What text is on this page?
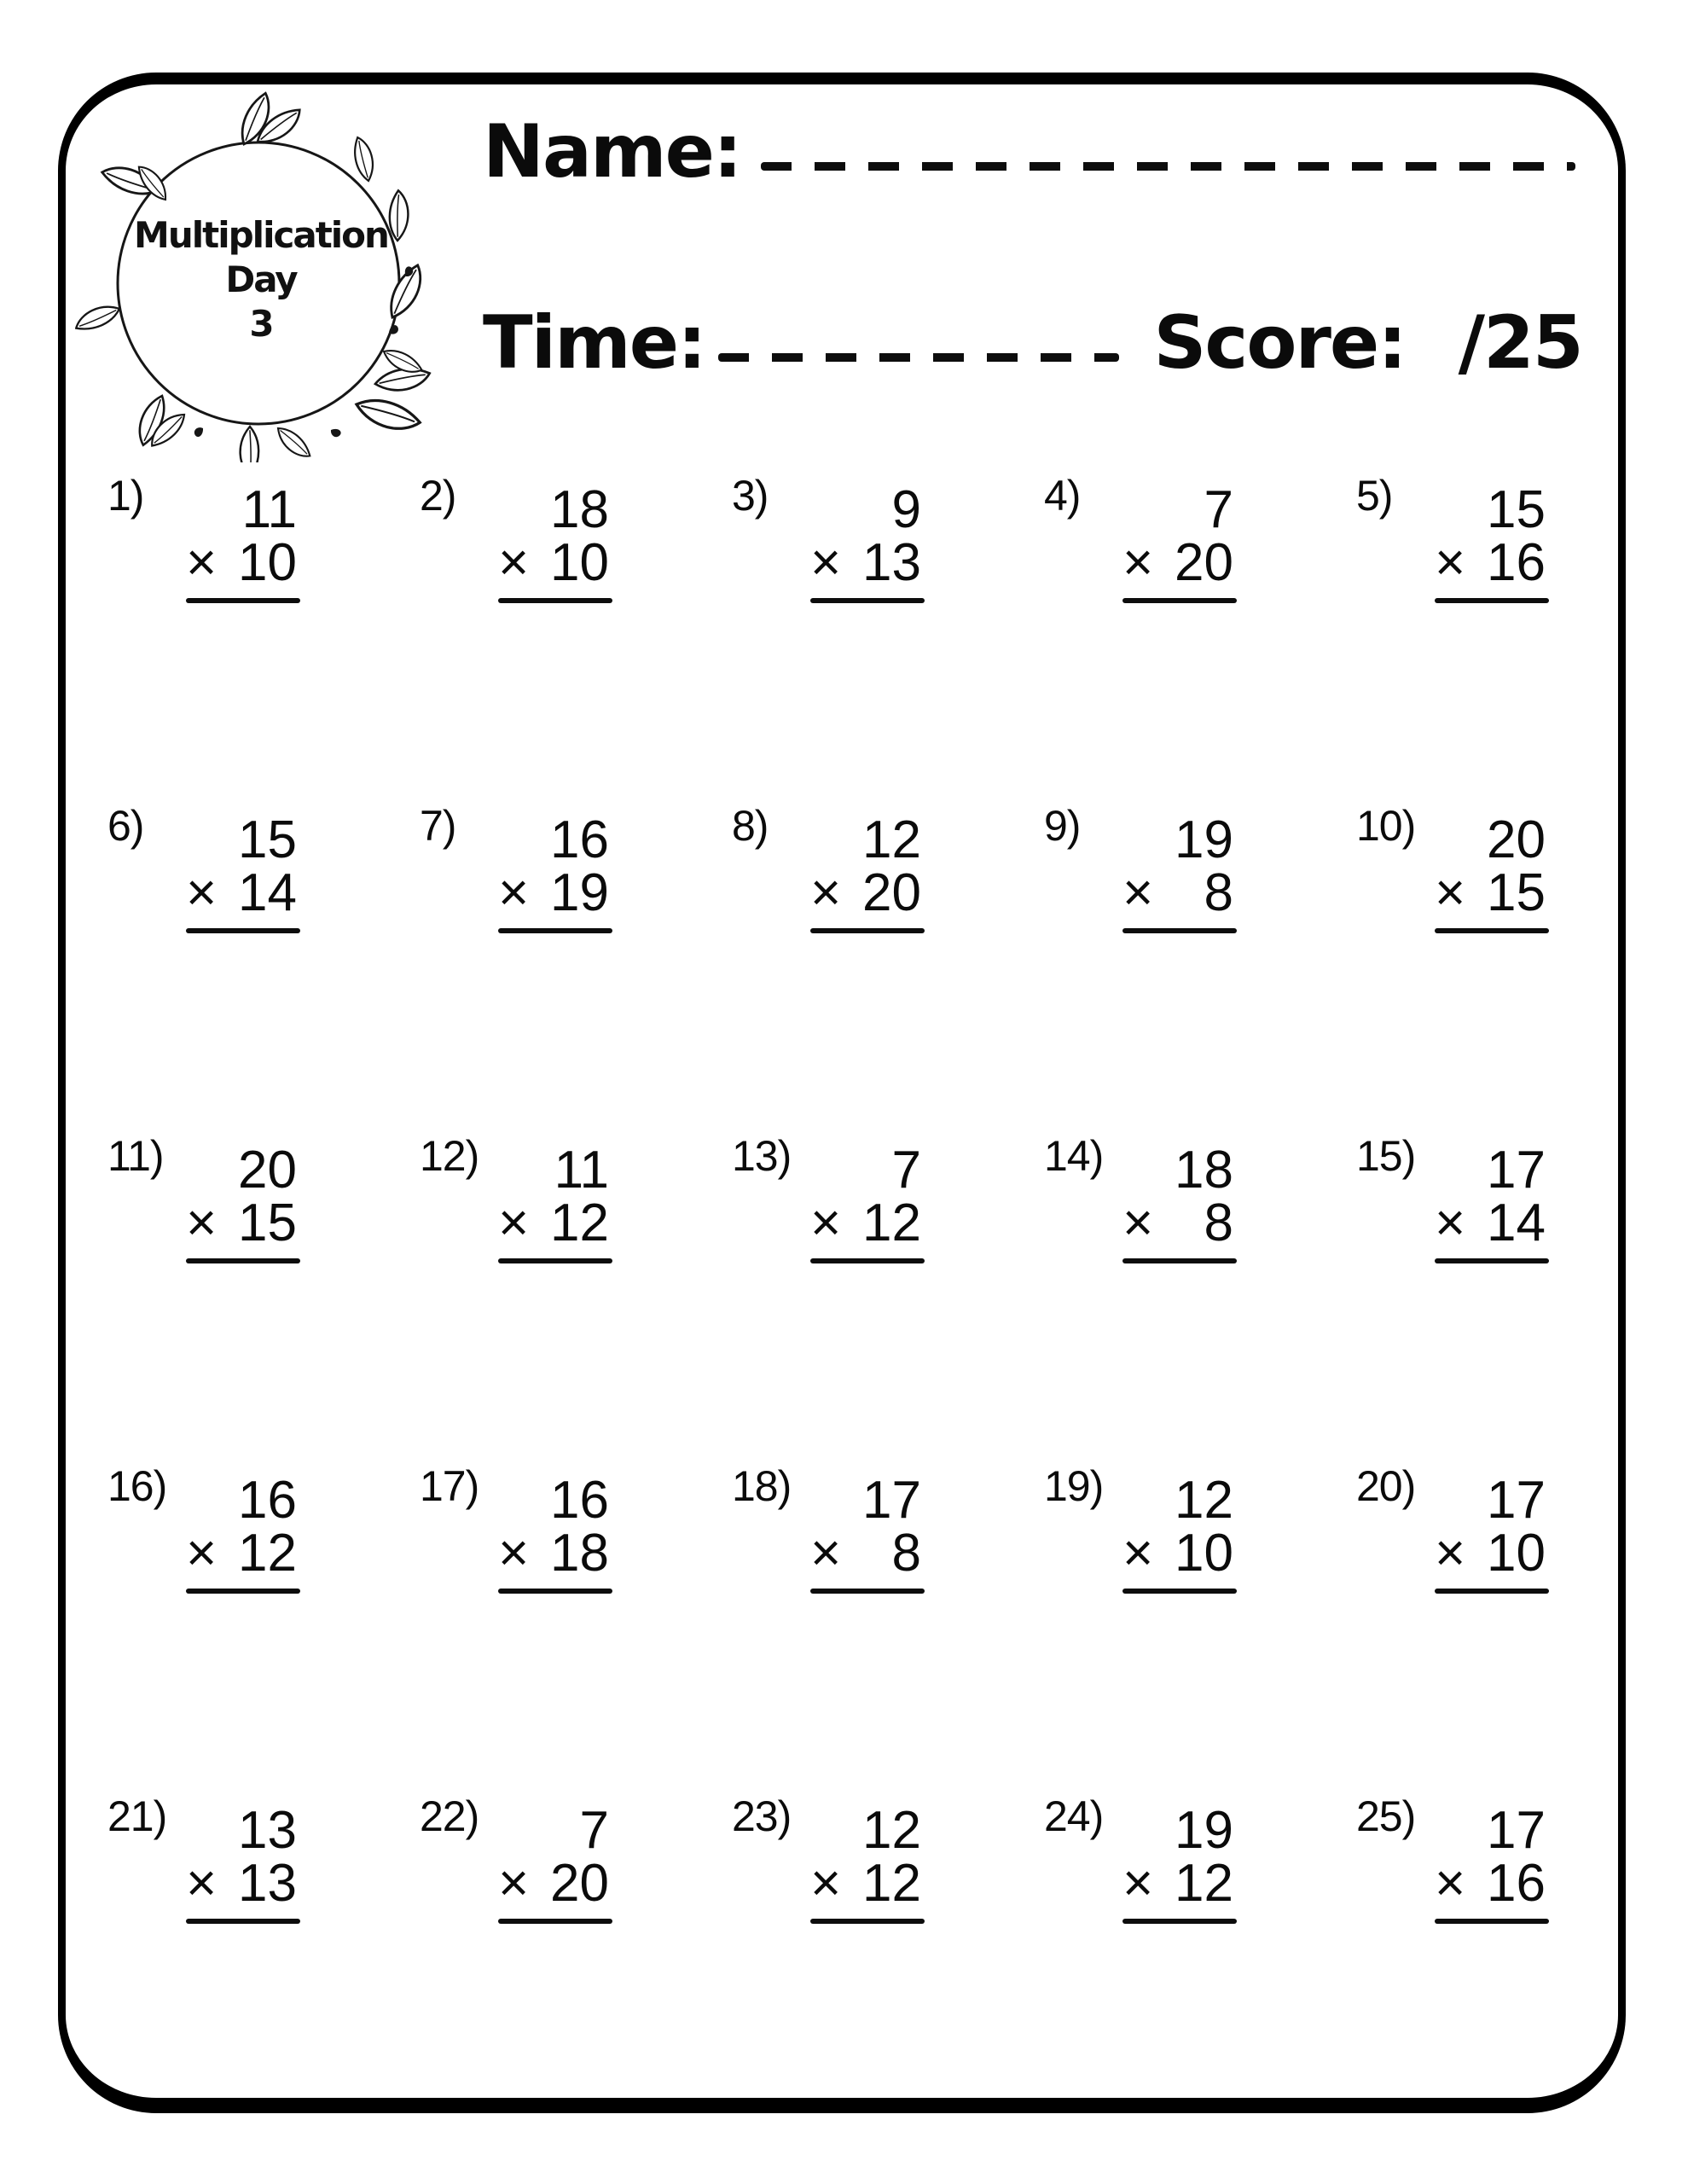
Multiplication
Day
3
Name:
Time:	Score: /25
1)	11
× 10
2)	18
× 10
3)	9
× 13
4)	7
× 20
5)	15
× 16
6)	15
× 14
7)	16
× 19
8)	12
× 20
9)	19
× 8
10)	20
× 15
11)	20
× 15
12)	11
× 12
13)	7
× 12
14)	18
× 8
15)	17
× 14
16)	16
× 12
17)	16
× 18
18)	17
× 8
19)	12
× 10
20)	17
× 10
21)	13
× 13
22)	7
× 20
23)	12
× 12
24)	19
× 12
25)	17
× 16
